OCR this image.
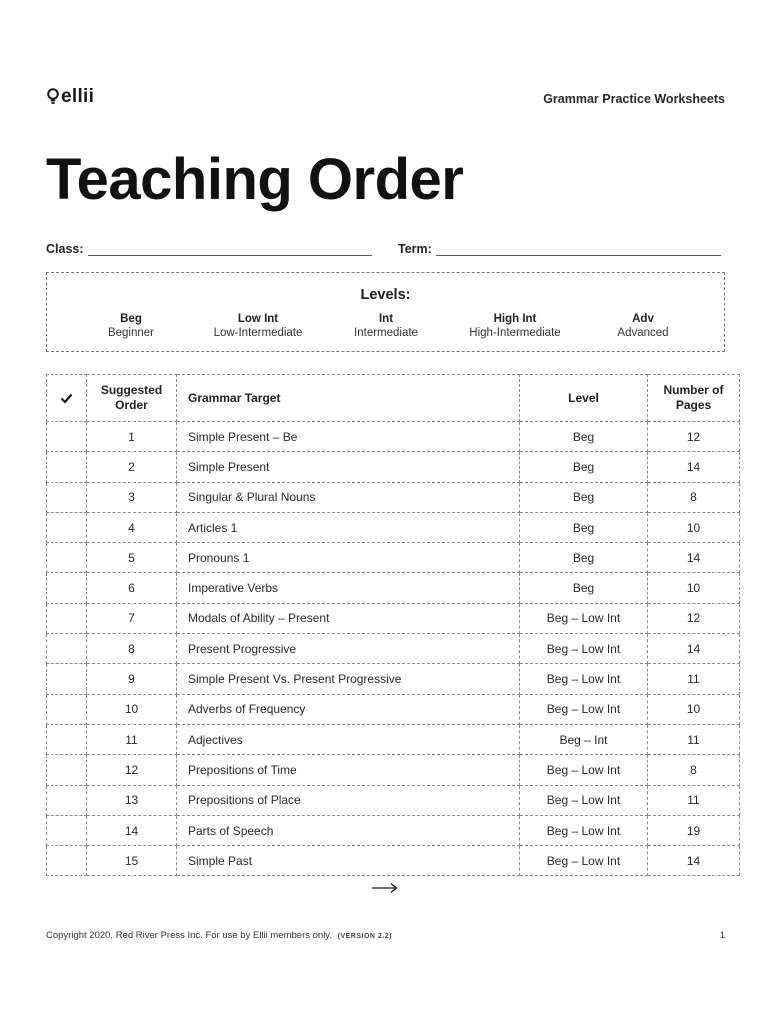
ellii	Grammar Practice Worksheets
Teaching Order
Class:	Term:
Levels:
Beg
Beginner
Low Int
Low-Intermediate
Int
Intermediate
High Int
High-Intermediate
Adv
Advanced
	Suggested Order	Grammar Target	Level	Number of Pages
	1	Simple Present – Be	Beg	12
	2	Simple Present	Beg	14
	3	Singular & Plural Nouns	Beg	8
	4	Articles 1	Beg	10
	5	Pronouns 1	Beg	14
	6	Imperative Verbs	Beg	10
	7	Modals of Ability – Present	Beg – Low Int	12
	8	Present Progressive	Beg – Low Int	14
	9	Simple Present Vs. Present Progressive	Beg – Low Int	11
	10	Adverbs of Frequency	Beg – Low Int	10
	11	Adjectives	Beg – Int	11
	12	Prepositions of Time	Beg – Low Int	8
	13	Prepositions of Place	Beg – Low Int	11
	14	Parts of Speech	Beg – Low Int	19
	15	Simple Past	Beg – Low Int	14
Copyright 2020, Red River Press Inc. For use by Ellii members only. (VERSION 2.2)	1
